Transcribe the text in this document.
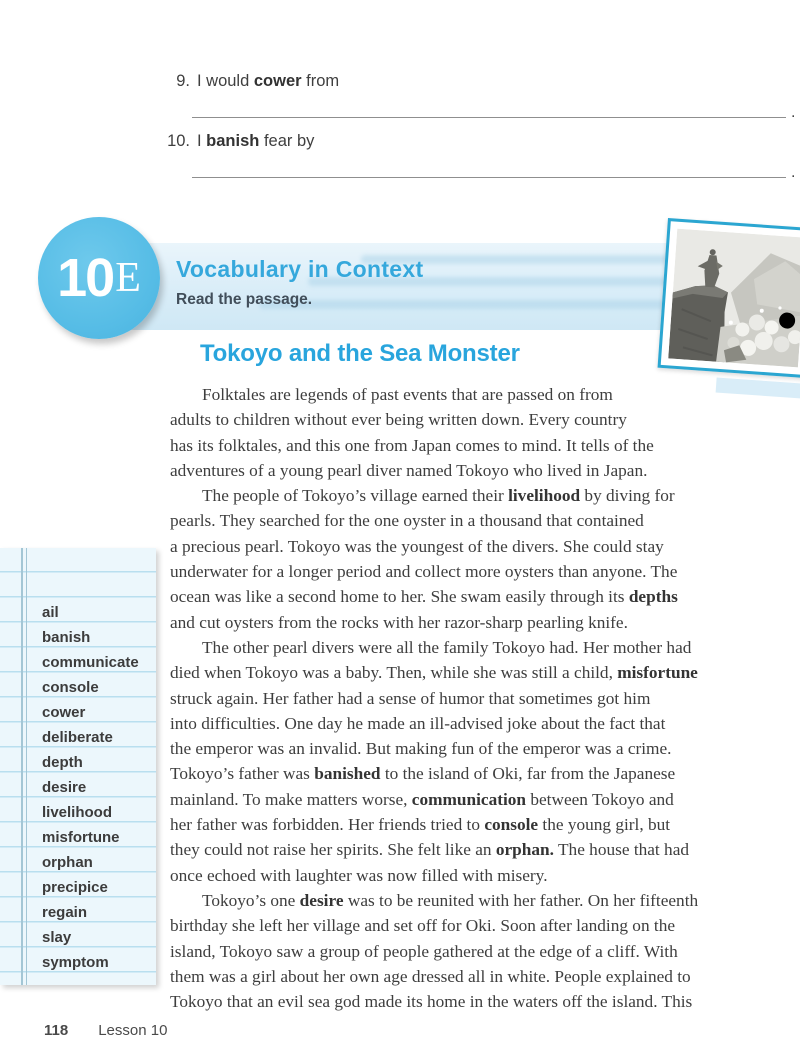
9. I would cower from
.
10. I banish fear by
.
10 E Vocabulary in Context
Read the passage.
Tokoyo and the Sea Monster
Folktales are legends of past events that are passed on from
adults to children without ever being written down. Every country
has its folktales, and this one from Japan comes to mind. It tells of the
adventures of a young pearl diver named Tokoyo who lived in Japan.
The people of Tokoyo’s village earned their livelihood by diving for
pearls. They searched for the one oyster in a thousand that contained
a precious pearl. Tokoyo was the youngest of the divers. She could stay
underwater for a longer period and collect more oysters than anyone. The
ocean was like a second home to her. She swam easily through its depths
and cut oysters from the rocks with her razor-sharp pearling knife.
The other pearl divers were all the family Tokoyo had. Her mother had
died when Tokoyo was a baby. Then, while she was still a child, misfortune
struck again. Her father had a sense of humor that sometimes got him
into difficulties. One day he made an ill-advised joke about the fact that
the emperor was an invalid. But making fun of the emperor was a crime.
Tokoyo’s father was banished to the island of Oki, far from the Japanese
mainland. To make matters worse, communication between Tokoyo and
her father was forbidden. Her friends tried to console the young girl, but
they could not raise her spirits. She felt like an orphan. The house that had
once echoed with laughter was now filled with misery.
Tokoyo’s one desire was to be reunited with her father. On her fifteenth
birthday she left her village and set off for Oki. Soon after landing on the
island, Tokoyo saw a group of people gathered at the edge of a cliff. With
them was a girl about her own age dressed all in white. People explained to
Tokoyo that an evil sea god made its home in the waters off the island. This
ail
banish
communicate
console
cower
deliberate
depth
desire
livelihood
misfortune
orphan
precipice
regain
slay
symptom
118 Lesson 10
